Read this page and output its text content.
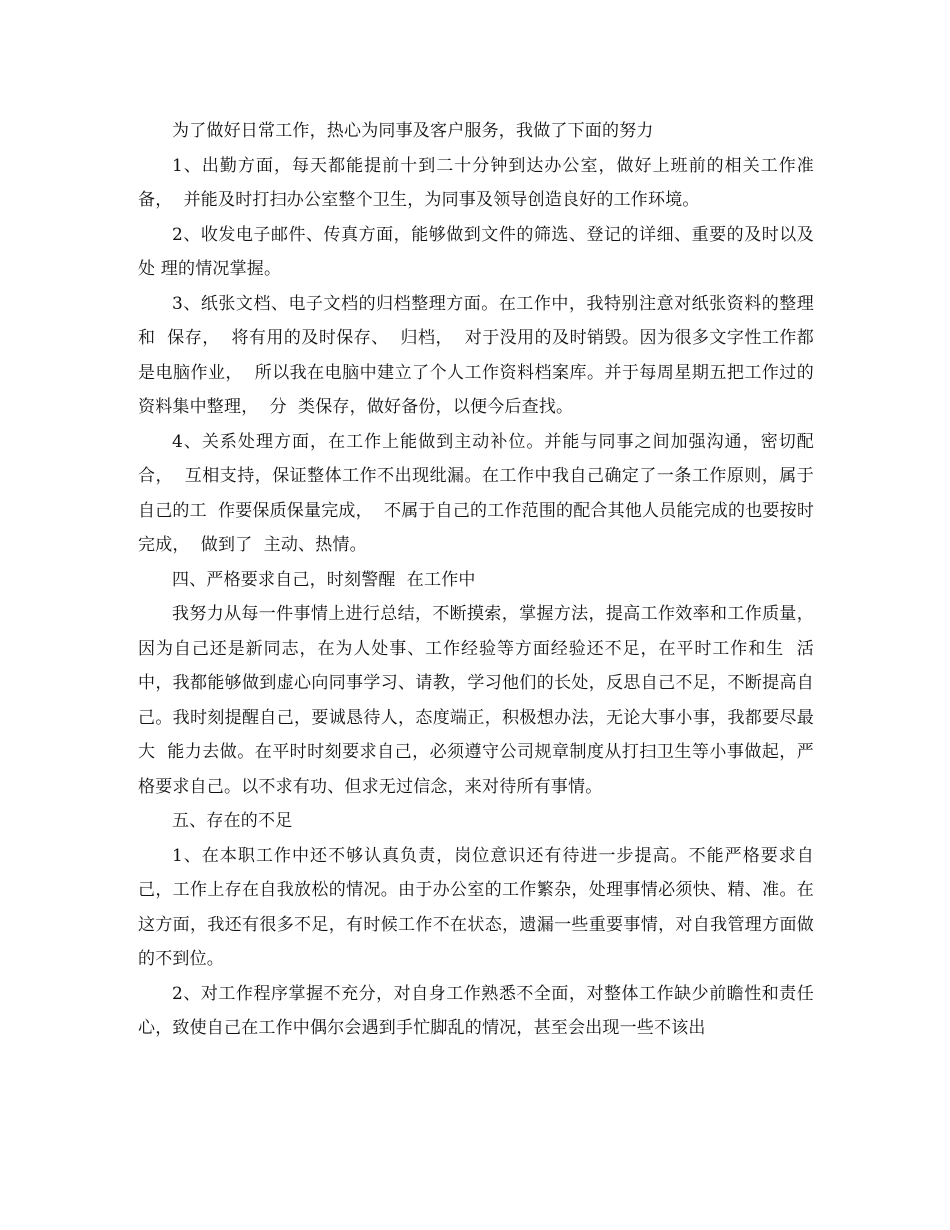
为了做好日常工作，热心为同事及客户服务，我做了下面的努力

1、出勤方面，每天都能提前十到二十分钟到达办公室，做好上班前的相关工作准备，  并能及时打扫办公室整个卫生，为同事及领导创造良好的工作环境。

2、收发电子邮件、传真方面，能够做到文件的筛选、登记的详细、重要的及时以及处 理的情况掌握。

3、纸张文档、电子文档的归档整理方面。在工作中，我特别注意对纸张资料的整理和  保存，  将有用的及时保存、  归档，  对于没用的及时销毁。因为很多文字性工作都是电脑作业，  所以我在电脑中建立了个人工作资料档案库。并于每周星期五把工作过的资料集中整理，  分  类保存，做好备份，以便今后查找。

4、关系处理方面，在工作上能做到主动补位。并能与同事之间加强沟通，密切配合，  互相支持，保证整体工作不出现纰漏。在工作中我自己确定了一条工作原则，属于自己的工  作要保质保量完成，  不属于自己的工作范围的配合其他人员能完成的也要按时完成，  做到了  主动、热情。

四、严格要求自己，时刻警醒  在工作中

我努力从每一件事情上进行总结，不断摸索，掌握方法，提高工作效率和工作质量，因为自己还是新同志，在为人处事、工作经验等方面经验还不足，在平时工作和生  活中，我都能够做到虚心向同事学习、请教，学习他们的长处，反思自己不足，不断提高自己。我时刻提醒自己，要诚恳待人，态度端正，积极想办法，无论大事小事，我都要尽最大  能力去做。在平时时刻要求自己，必须遵守公司规章制度从打扫卫生等小事做起，严格要求自己。以不求有功、但求无过信念，来对待所有事情。

五、存在的不足

1、在本职工作中还不够认真负责，岗位意识还有待进一步提高。不能严格要求自己，工作上存在自我放松的情况。由于办公室的工作繁杂，处理事情必须快、精、准。在这方面，我还有很多不足，有时候工作不在状态，遗漏一些重要事情，对自我管理方面做的不到位。

2、对工作程序掌握不充分，对自身工作熟悉不全面，对整体工作缺少前瞻性和责任心，致使自己在工作中偶尔会遇到手忙脚乱的情况，甚至会出现一些不该出
